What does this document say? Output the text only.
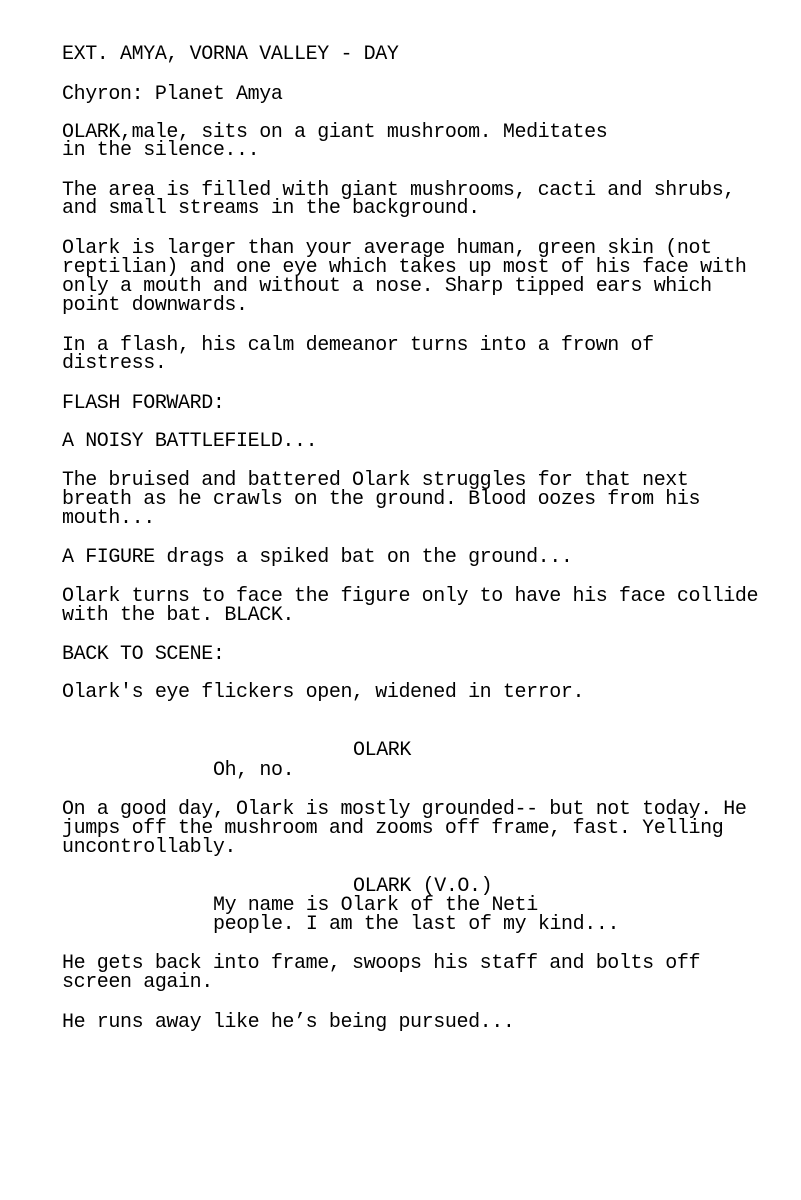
EXT. AMYA, VORNA VALLEY - DAY
Chyron: Planet Amya
OLARK,male, sits on a giant mushroom. Meditates
in the silence...
The area is filled with giant mushrooms, cacti and shrubs,
and small streams in the background.
Olark is larger than your average human, green skin (not
reptilian) and one eye which takes up most of his face with
only a mouth and without a nose. Sharp tipped ears which
point downwards.
In a flash, his calm demeanor turns into a frown of
distress.
FLASH FORWARD:
A NOISY BATTLEFIELD...
The bruised and battered Olark struggles for that next
breath as he crawls on the ground. Blood oozes from his
mouth...
A FIGURE drags a spiked bat on the ground...
Olark turns to face the figure only to have his face collide
with the bat. BLACK.
BACK TO SCENE:
Olark's eye flickers open, widened in terror.
OLARK
Oh, no.
On a good day, Olark is mostly grounded-- but not today. He
jumps off the mushroom and zooms off frame, fast. Yelling
uncontrollably.
OLARK (V.O.)
My name is Olark of the Neti
people. I am the last of my kind...
He gets back into frame, swoops his staff and bolts off
screen again.
He runs away like he’s being pursued...
